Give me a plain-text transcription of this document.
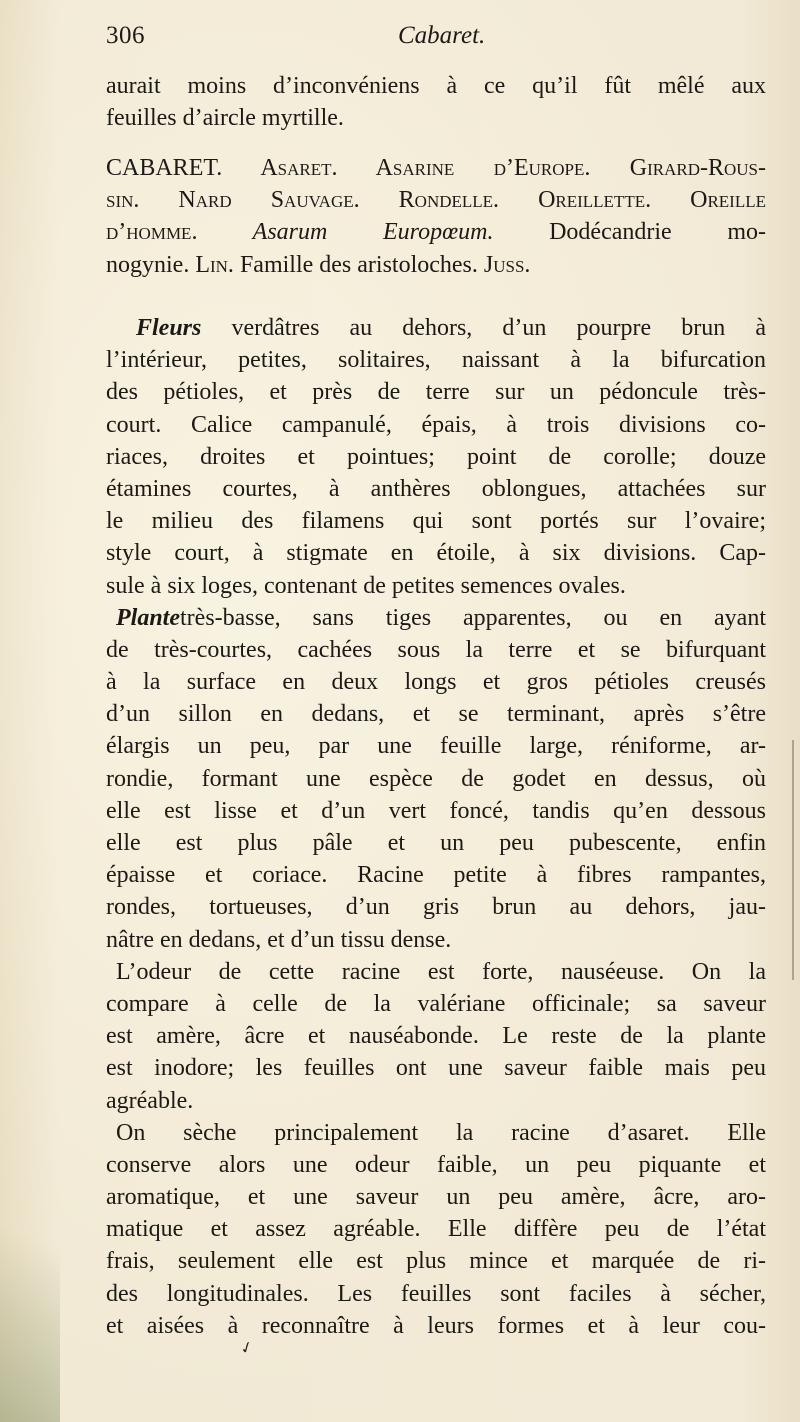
306	Cabaret.
aurait moins d’inconvéniens à ce qu’il fût mêlé aux
feuilles d’aircle myrtille.
CABARET. Asaret. Asarine d’Europe. Girard-Rous-
sin. Nard Sauvage. Rondelle. Oreillette. Oreille
d’homme. Asarum Europœum. Dodécandrie mo-
nogynie. Lin. Famille des aristoloches. Juss.
Fleurs verdâtres au dehors, d’un pourpre brun à
l’intérieur, petites, solitaires, naissant à la bifurcation
des pétioles, et près de terre sur un pédoncule très-
court. Calice campanulé, épais, à trois divisions co-
riaces, droites et pointues; point de corolle; douze
étamines courtes, à anthères oblongues, attachées sur
le milieu des filamens qui sont portés sur l’ovaire;
style court, à stigmate en étoile, à six divisions. Cap-
sule à six loges, contenant de petites semences ovales.
Plantetrès-basse, sans tiges apparentes, ou en ayant
de très-courtes, cachées sous la terre et se bifurquant
à la surface en deux longs et gros pétioles creusés
d’un sillon en dedans, et se terminant, après s’être
élargis un peu, par une feuille large, réniforme, ar-
rondie, formant une espèce de godet en dessus, où
elle est lisse et d’un vert foncé, tandis qu’en dessous
elle est plus pâle et un peu pubescente, enfin
épaisse et coriace. Racine petite à fibres rampantes,
rondes, tortueuses, d’un gris brun au dehors, jau-
nâtre en dedans, et d’un tissu dense.
L’odeur de cette racine est forte, nauséeuse. On la
compare à celle de la valériane officinale; sa saveur
est amère, âcre et nauséabonde. Le reste de la plante
est inodore; les feuilles ont une saveur faible mais peu
agréable.
On sèche principalement la racine d’asaret. Elle
conserve alors une odeur faible, un peu piquante et
aromatique, et une saveur un peu amère, âcre, aro-
matique et assez agréable. Elle diffère peu de l’état
frais, seulement elle est plus mince et marquée de ri-
des longitudinales. Les feuilles sont faciles à sécher,
et aisées à reconnaître à leurs formes et à leur cou-
✓
